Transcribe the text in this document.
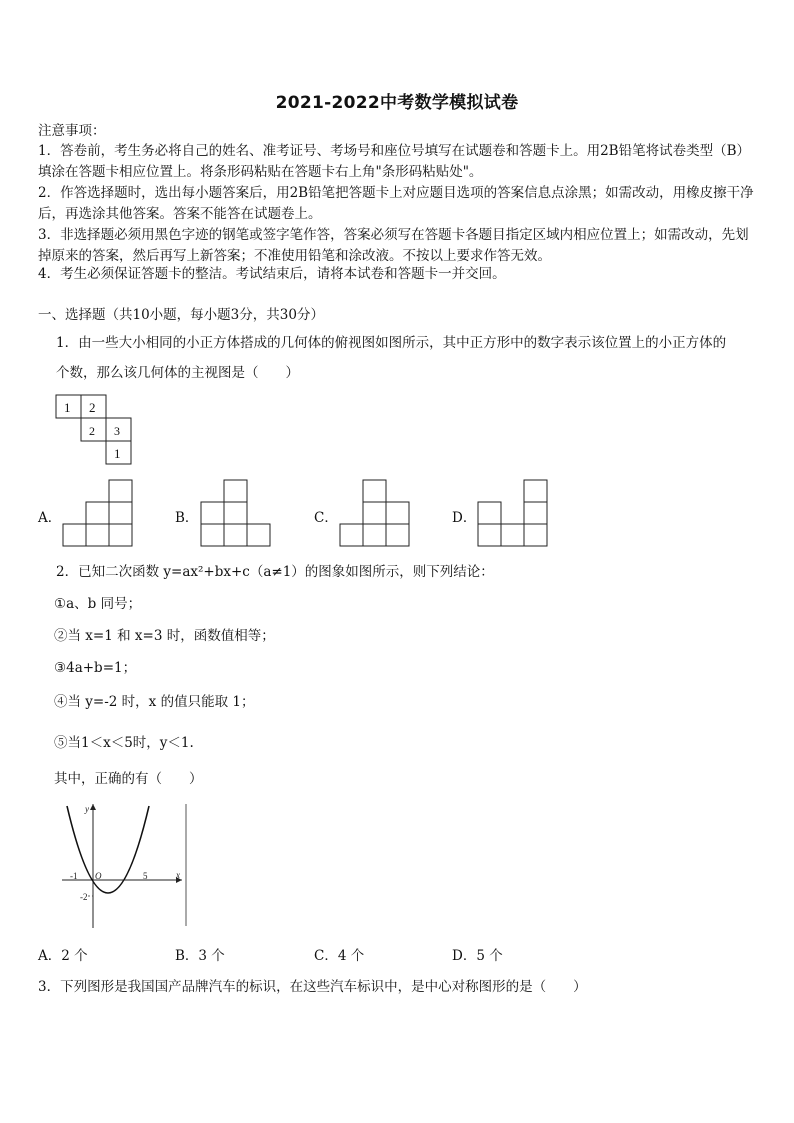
2021-2022中考数学模拟试卷
注意事项：
1．答卷前，考生务必将自己的姓名、准考证号、考场号和座位号填写在试题卷和答题卡上。用2B铅笔将试卷类型（B）填涂在答题卡相应位置上。将条形码粘贴在答题卡右上角"条形码粘贴处"。
2．作答选择题时，选出每小题答案后，用2B铅笔把答题卡上对应题目选项的答案信息点涂黑；如需改动，用橡皮擦干净后，再选涂其他答案。答案不能答在试题卷上。
3．非选择题必须用黑色字迹的钢笔或签字笔作答，答案必须写在答题卡各题目指定区域内相应位置上；如需改动，先划掉原来的答案，然后再写上新答案；不准使用铅笔和涂改液。不按以上要求作答无效。
4．考生必须保证答题卡的整洁。考试结束后，请将本试卷和答题卡一并交回。
一、选择题（共10小题，每小题3分，共30分）
1．由一些大小相同的小正方体搭成的几何体的俯视图如图所示，其中正方形中的数字表示该位置上的小正方体的
个数，那么该几何体的主视图是（　　）
1 2
2 3
1
A．	B．	C．	D．
2．已知二次函数 y=ax²+bx+c（a≠1）的图象如图所示，则下列结论：
①a、b 同号；
②当 x=1 和 x=3 时，函数值相等；
③4a+b=1；
④当 y=-2 时，x 的值只能取 1；
⑤当1＜x＜5时，y＜1.
其中，正确的有（　　）
y
x
O
-1	5
-2
A．2 个	B．3 个	C．4 个	D．5 个
3．下列图形是我国国产品牌汽车的标识，在这些汽车标识中，是中心对称图形的是（　　）
